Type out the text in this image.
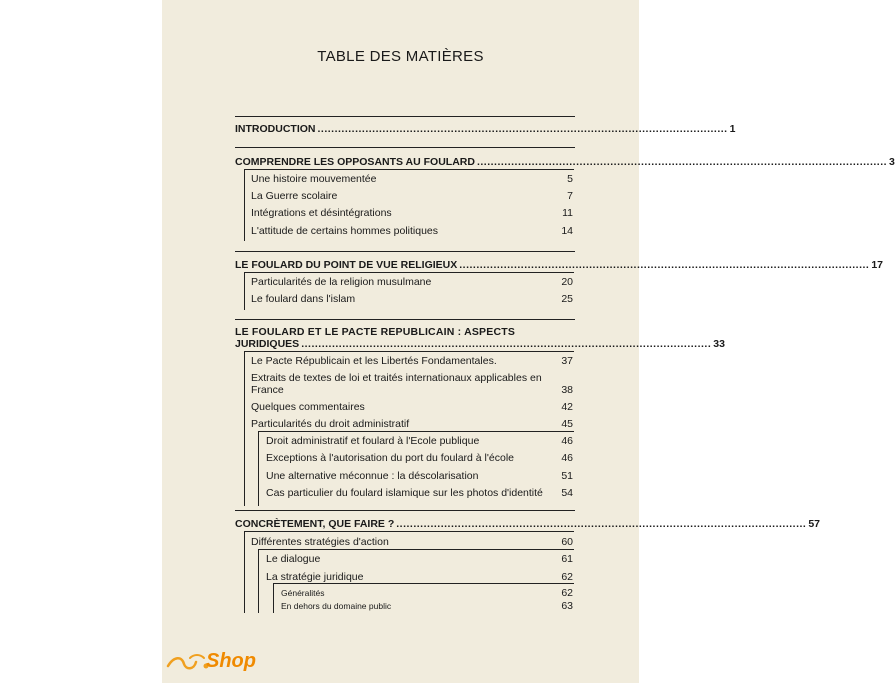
TABLE DES MATIÈRES
INTRODUCTION ........................................................................................................................ 1
COMPRENDRE LES OPPOSANTS AU FOULARD ........................................................................................................................ 3
Une histoire mouvementée	5
La Guerre scolaire	7
Intégrations et désintégrations	11
L'attitude de certains hommes politiques	14
LE FOULARD DU POINT DE VUE RELIGIEUX ........................................................................................................................ 17
Particularités de la religion musulmane	20
Le foulard dans l'islam	25
LE FOULARD ET LE PACTE REPUBLICAIN : ASPECTS
JURIDIQUES ........................................................................................................................ 33
Le Pacte Républicain et les Libertés Fondamentales.	37
Extraits de textes de loi et traités internationaux applicables en
France	38
Quelques commentaires	42
Particularités du droit administratif	45
Droit administratif et foulard à l'Ecole publique	46
Exceptions à l'autorisation du port du foulard à l'école	46
Une alternative méconnue : la déscolarisation	51
Cas particulier du foulard islamique sur les photos d'identité 54
CONCRÈTEMENT, QUE FAIRE ? ........................................................................................................................ 57
Différentes stratégies d'action	60
Le dialogue	61
La stratégie juridique	62
Généralités	62
En dehors du domaine public	63
Shop
